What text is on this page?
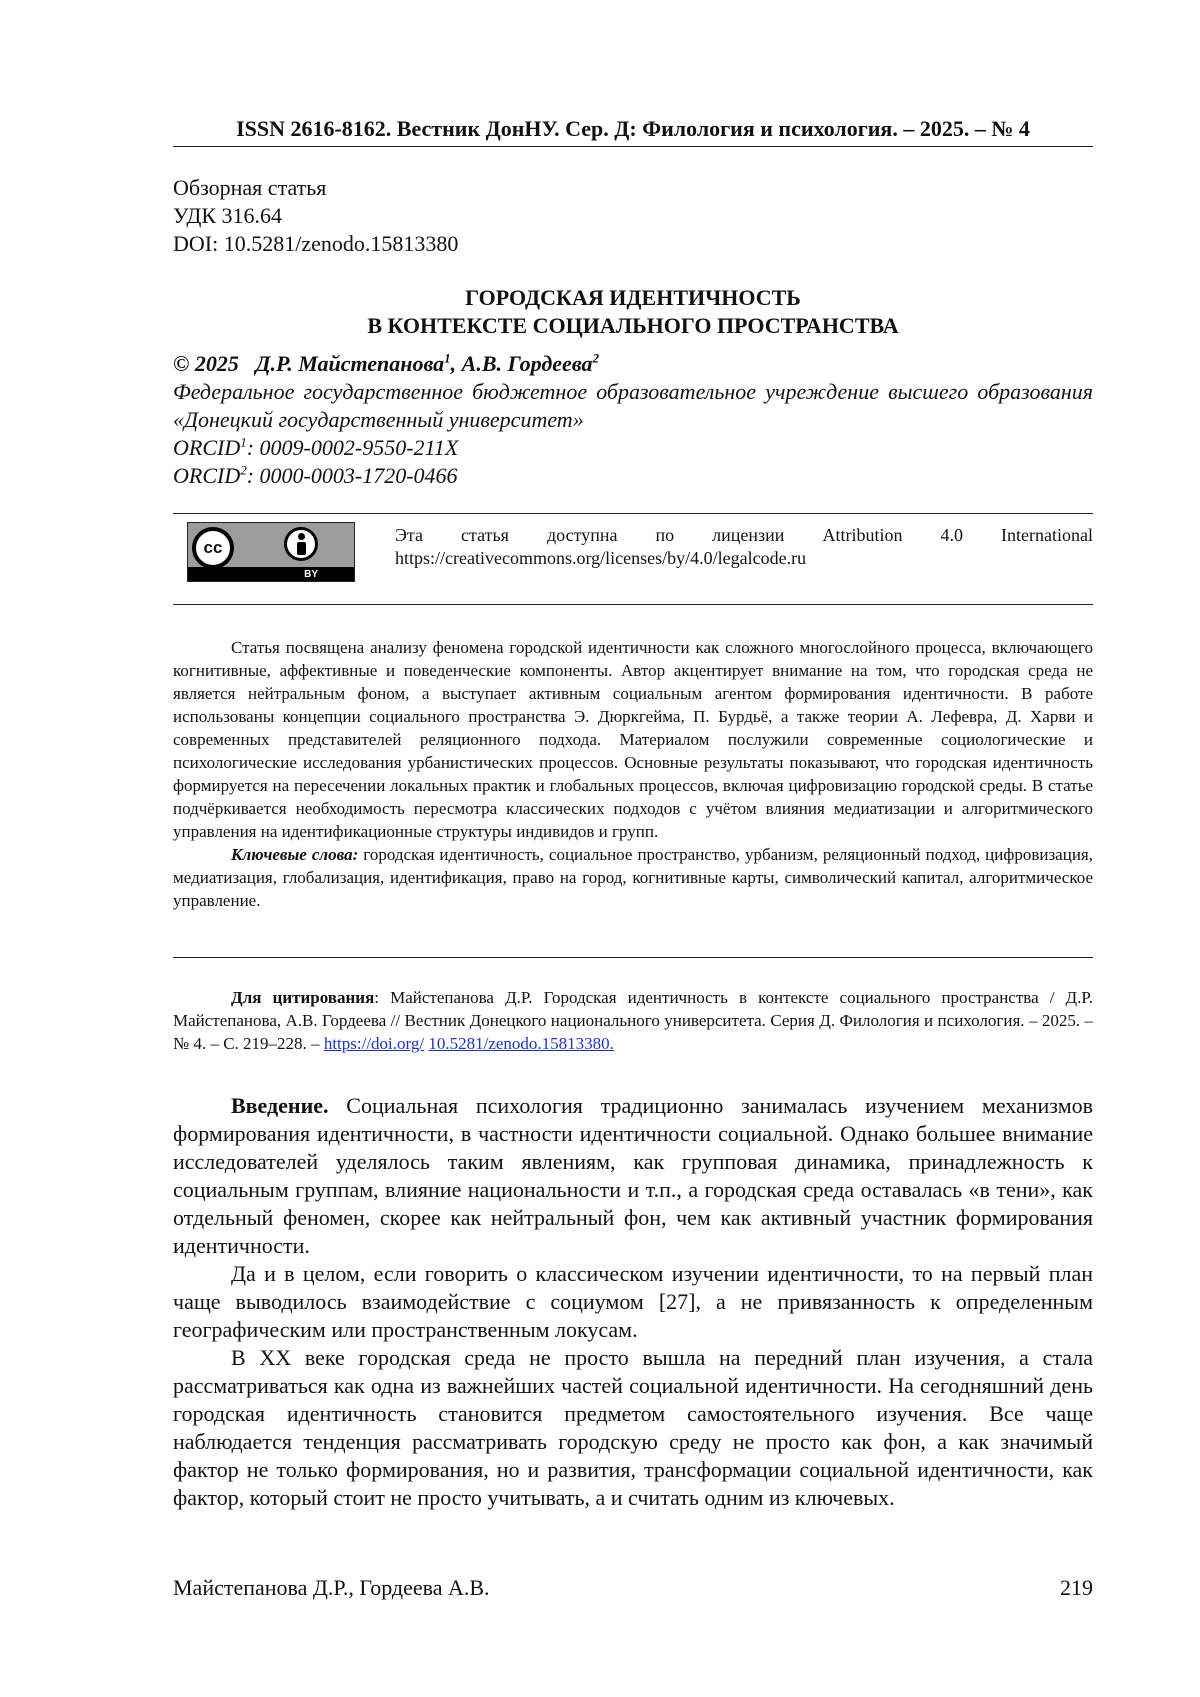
ISSN 2616-8162. Вестник ДонНУ. Сер. Д: Филология и психология. – 2025. – № 4
Обзорная статья
УДК 316.64
DOI: 10.5281/zenodo.15813380
ГОРОДСКАЯ ИДЕНТИЧНОСТЬ
В КОНТЕКСТЕ СОЦИАЛЬНОГО ПРОСТРАНСТВА
© 2025 Д.Р. Майстепанова$^1$, А.В. Гордеева$^2$
Федеральное государственное бюджетное образовательное учреждение высшего образования «Донецкий государственный университет»
ORCID$^1$: 0009-0002-9550-211X
ORCID$^2$: 0000-0003-1720-0466
cc
BY
Эта статья доступна по лицензии Attribution 4.0 International https://creativecommons.org/licenses/by/4.0/legalcode.ru

Статья посвящена анализу феномена городской идентичности как сложного многослойного процесса, включающего когнитивные, аффективные и поведенческие компоненты. Автор акцентирует внимание на том, что городская среда не является нейтральным фоном, а выступает активным социальным агентом формирования идентичности. В работе использованы концепции социального пространства Э. Дюркгейма, П. Бурдьё, а также теории А. Лефевра, Д. Харви и современных представителей реляционного подхода. Материалом послужили современные социологические и психологические исследования урбанистических процессов. Основные результаты показывают, что городская идентичность формируется на пересечении локальных практик и глобальных процессов, включая цифровизацию городской среды. В статье подчёркивается необходимость пересмотра классических подходов с учётом влияния медиатизации и алгоритмического управления на идентификационные структуры индивидов и групп.

Ключевые слова: городская идентичность, социальное пространство, урбанизм, реляционный подход, цифровизация, медиатизация, глобализация, идентификация, право на город, когнитивные карты, символический капитал, алгоритмическое управление.

Для цитирования: Майстепанова Д.Р. Городская идентичность в контексте социального пространства / Д.Р. Майстепанова, А.В. Гордеева // Вестник Донецкого национального университета. Серия Д. Филология и психология. – 2025. – № 4. – С. 219–228. – https://doi.org/ 10.5281/zenodo.15813380.

Введение. Социальная психология традиционно занималась изучением механизмов формирования идентичности, в частности идентичности социальной. Однако большее внимание исследователей уделялось таким явлениям, как групповая динамика, принадлежность к социальным группам, влияние национальности и т.п., а городская среда оставалась «в тени», как отдельный феномен, скорее как нейтральный фон, чем как активный участник формирования идентичности.

Да и в целом, если говорить о классическом изучении идентичности, то на первый план чаще выводилось взаимодействие с социумом [27], а не привязанность к определенным географическим или пространственным локусам.

В XX веке городская среда не просто вышла на передний план изучения, а стала рассматриваться как одна из важнейших частей социальной идентичности. На сегодняшний день городская идентичность становится предметом самостоятельного изучения. Все чаще наблюдается тенденция рассматривать городскую среду не просто как фон, а как значимый фактор не только формирования, но и развития, трансформации социальной идентичности, как фактор, который стоит не просто учитывать, а и считать одним из ключевых.

Майстепанова Д.Р., Гордеева А.В.	219
